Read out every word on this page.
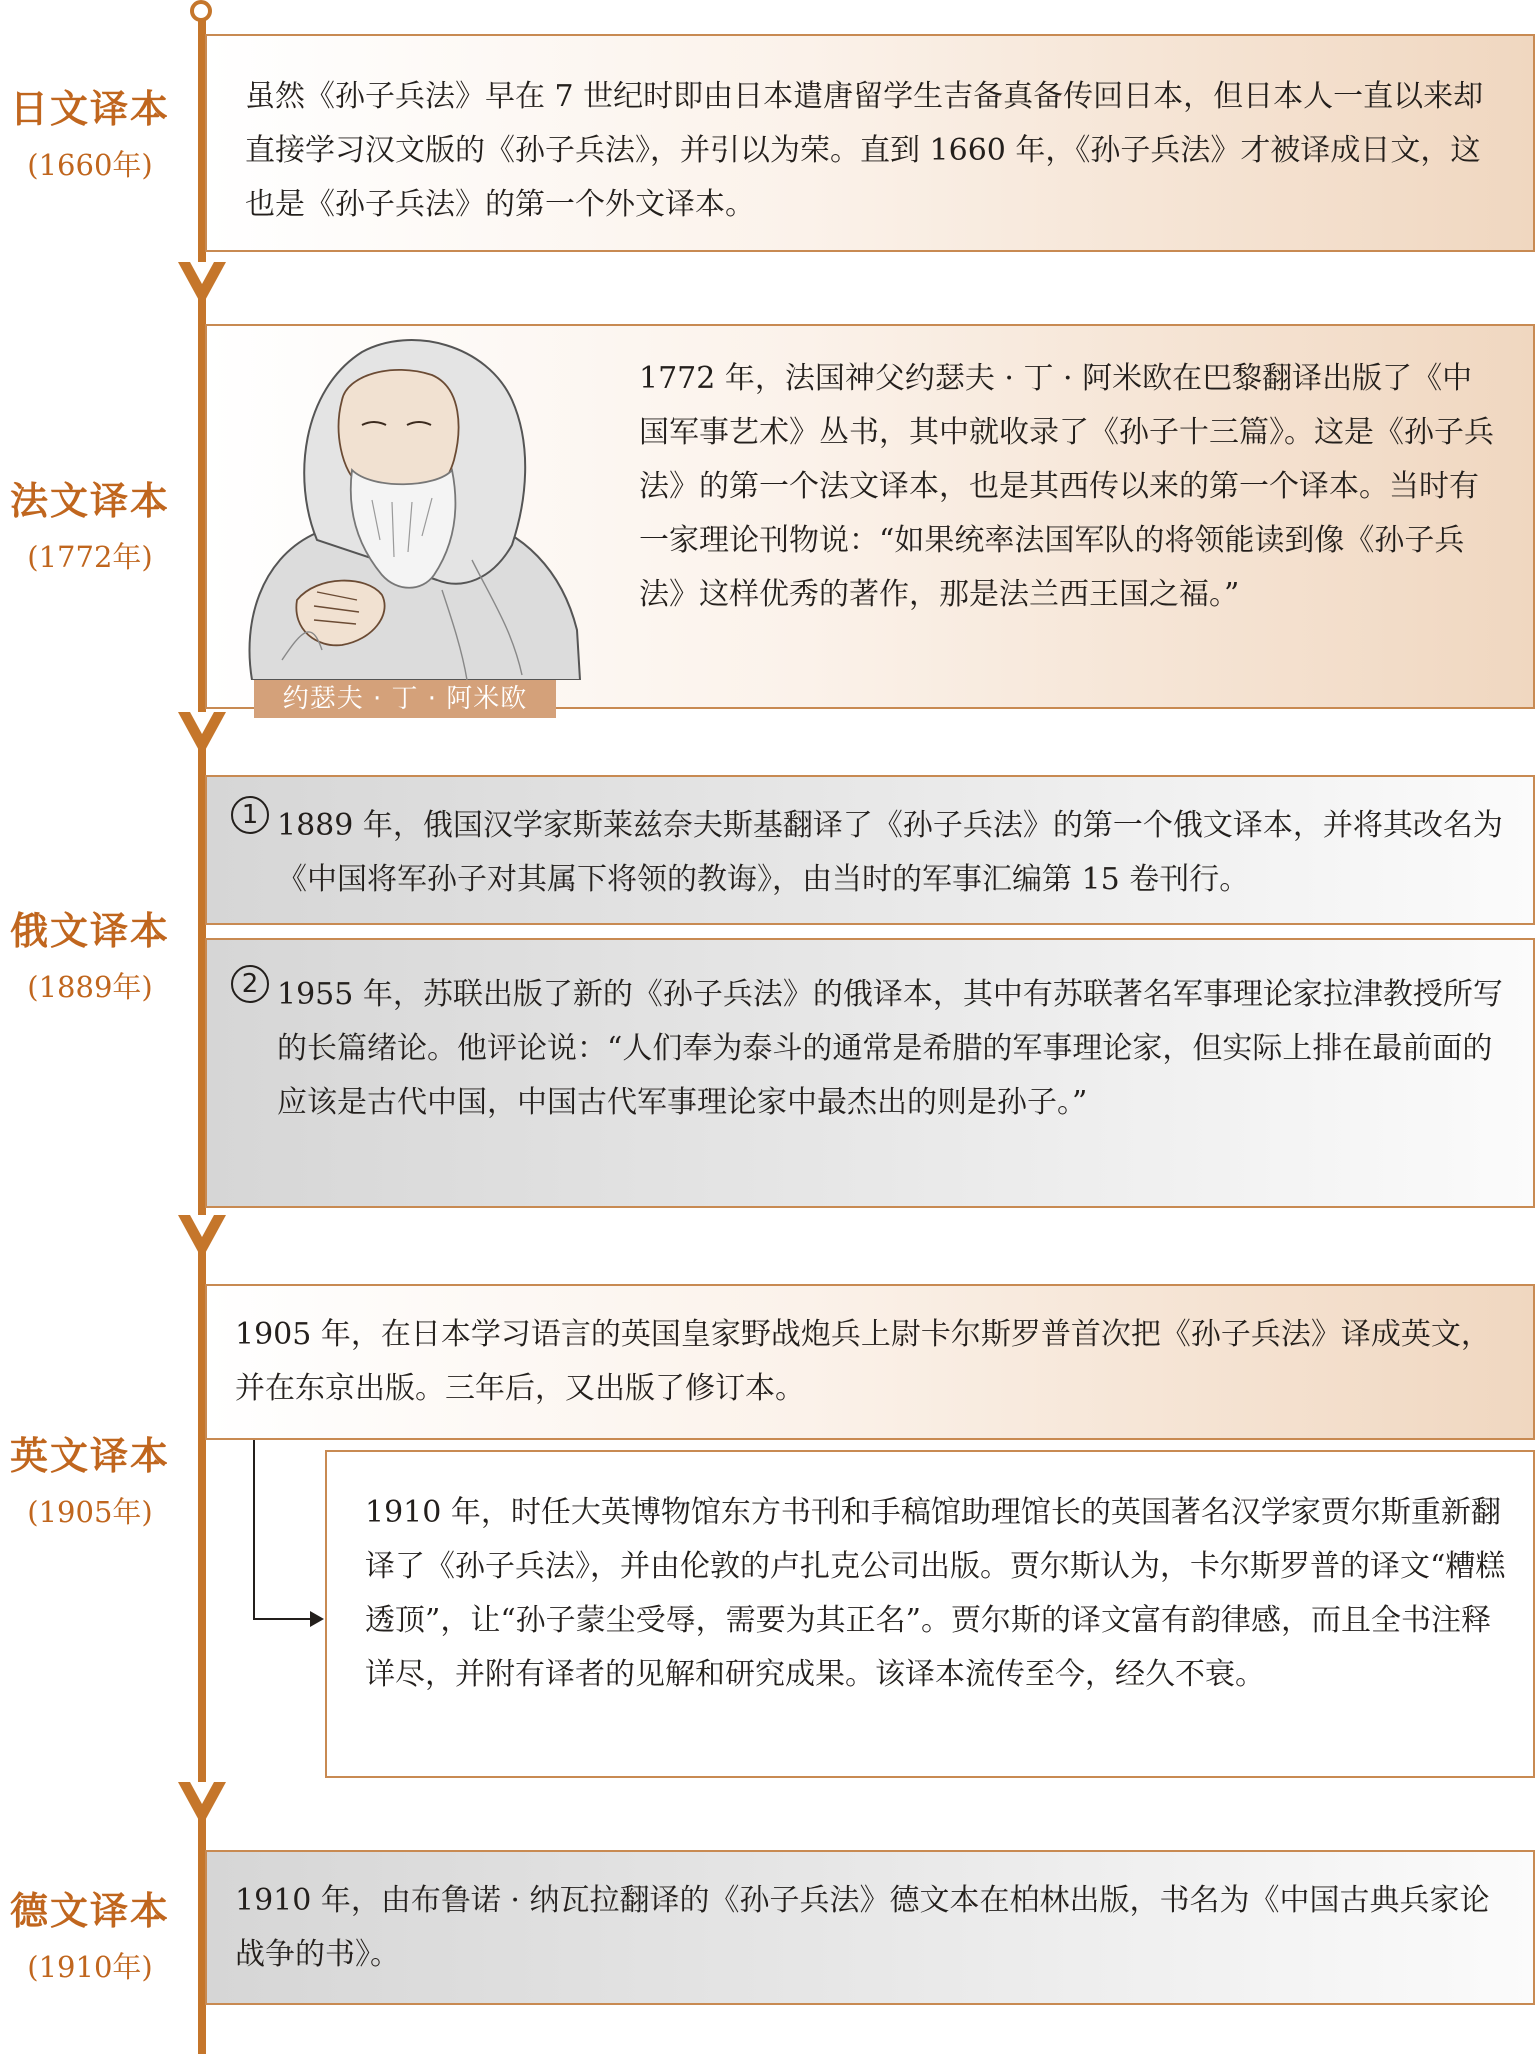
日文译本
(1660年)
虽然《孙子兵法》早在 7 世纪时即由日本遣唐留学生吉备真备传回日本，但日本人一直以来却直接学习汉文版的《孙子兵法》，并引以为荣。直到 1660 年，《孙子兵法》才被译成日文，这也是《孙子兵法》的第一个外文译本。
法文译本
(1772年)
1772 年，法国神父约瑟夫 · 丁 · 阿米欧在巴黎翻译出版了《中国军事艺术》丛书，其中就收录了《孙子十三篇》。这是《孙子兵法》的第一个法文译本，也是其西传以来的第一个译本。当时有一家理论刊物说：“如果统率法国军队的将领能读到像《孙子兵法》这样优秀的著作，那是法兰西王国之福。”
约瑟夫 · 丁 · 阿米欧
俄文译本
(1889年)
1 1889 年，俄国汉学家斯莱兹奈夫斯基翻译了《孙子兵法》的第一个俄文译本，并将其改名为《中国将军孙子对其属下将领的教诲》，由当时的军事汇编第 15 卷刊行。
2 1955 年，苏联出版了新的《孙子兵法》的俄译本，其中有苏联著名军事理论家拉津教授所写的长篇绪论。他评论说：“人们奉为泰斗的通常是希腊的军事理论家，但实际上排在最前面的应该是古代中国，中国古代军事理论家中最杰出的则是孙子。”
英文译本
(1905年)
1905 年，在日本学习语言的英国皇家野战炮兵上尉卡尔斯罗普首次把《孙子兵法》译成英文，并在东京出版。三年后，又出版了修订本。
1910 年，时任大英博物馆东方书刊和手稿馆助理馆长的英国著名汉学家贾尔斯重新翻译了《孙子兵法》，并由伦敦的卢扎克公司出版。贾尔斯认为，卡尔斯罗普的译文“糟糕透顶”，让“孙子蒙尘受辱，需要为其正名”。贾尔斯的译文富有韵律感，而且全书注释详尽，并附有译者的见解和研究成果。该译本流传至今，经久不衰。
德文译本
(1910年)
1910 年，由布鲁诺 · 纳瓦拉翻译的《孙子兵法》德文本在柏林出版，书名为《中国古典兵家论战争的书》。
